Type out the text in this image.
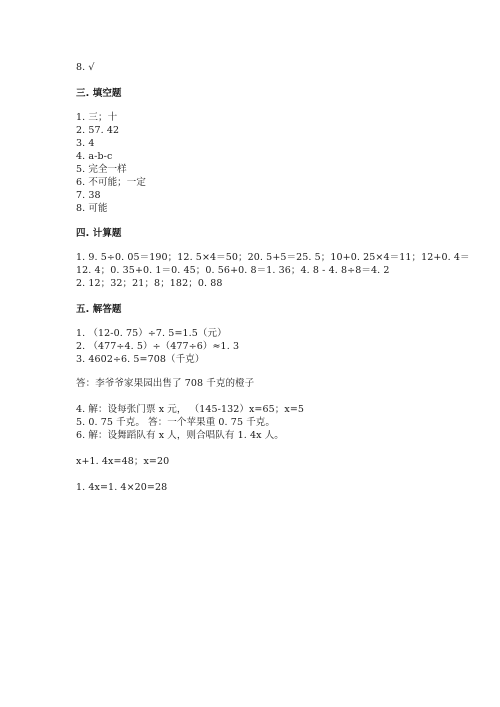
8. √
三. 填空题
1. 三；十
2. 57. 42
3. 4
4. a-b-c
5. 完全一样
6. 不可能；一定
7. 38
8. 可能
四. 计算题
1. 9. 5÷0. 05＝190；12. 5×4＝50；20. 5+5＝25. 5；10+0. 25×4＝11；12+0. 4＝
12. 4；0. 35+0. 1＝0. 45；0. 56+0. 8＝1. 36；4. 8 - 4. 8÷8＝4. 2
2. 12；32；21；8；182；0. 88
五. 解答题
1. （12-0. 75）÷7. 5=1.5（元）
2. （477÷4. 5）÷（477÷6）≈1. 3
3. 4602÷6. 5=708（千克）
答：李爷爷家果园出售了 708 千克的橙子
4. 解：设每张门票 x 元， （145-132）x=65；x=5
5. 0. 75 千克。 答：一个苹果重 0. 75 千克。
6. 解：设舞蹈队有 x 人，则合唱队有 1. 4x 人。
x+1. 4x=48；x=20
1. 4x=1. 4×20=28
